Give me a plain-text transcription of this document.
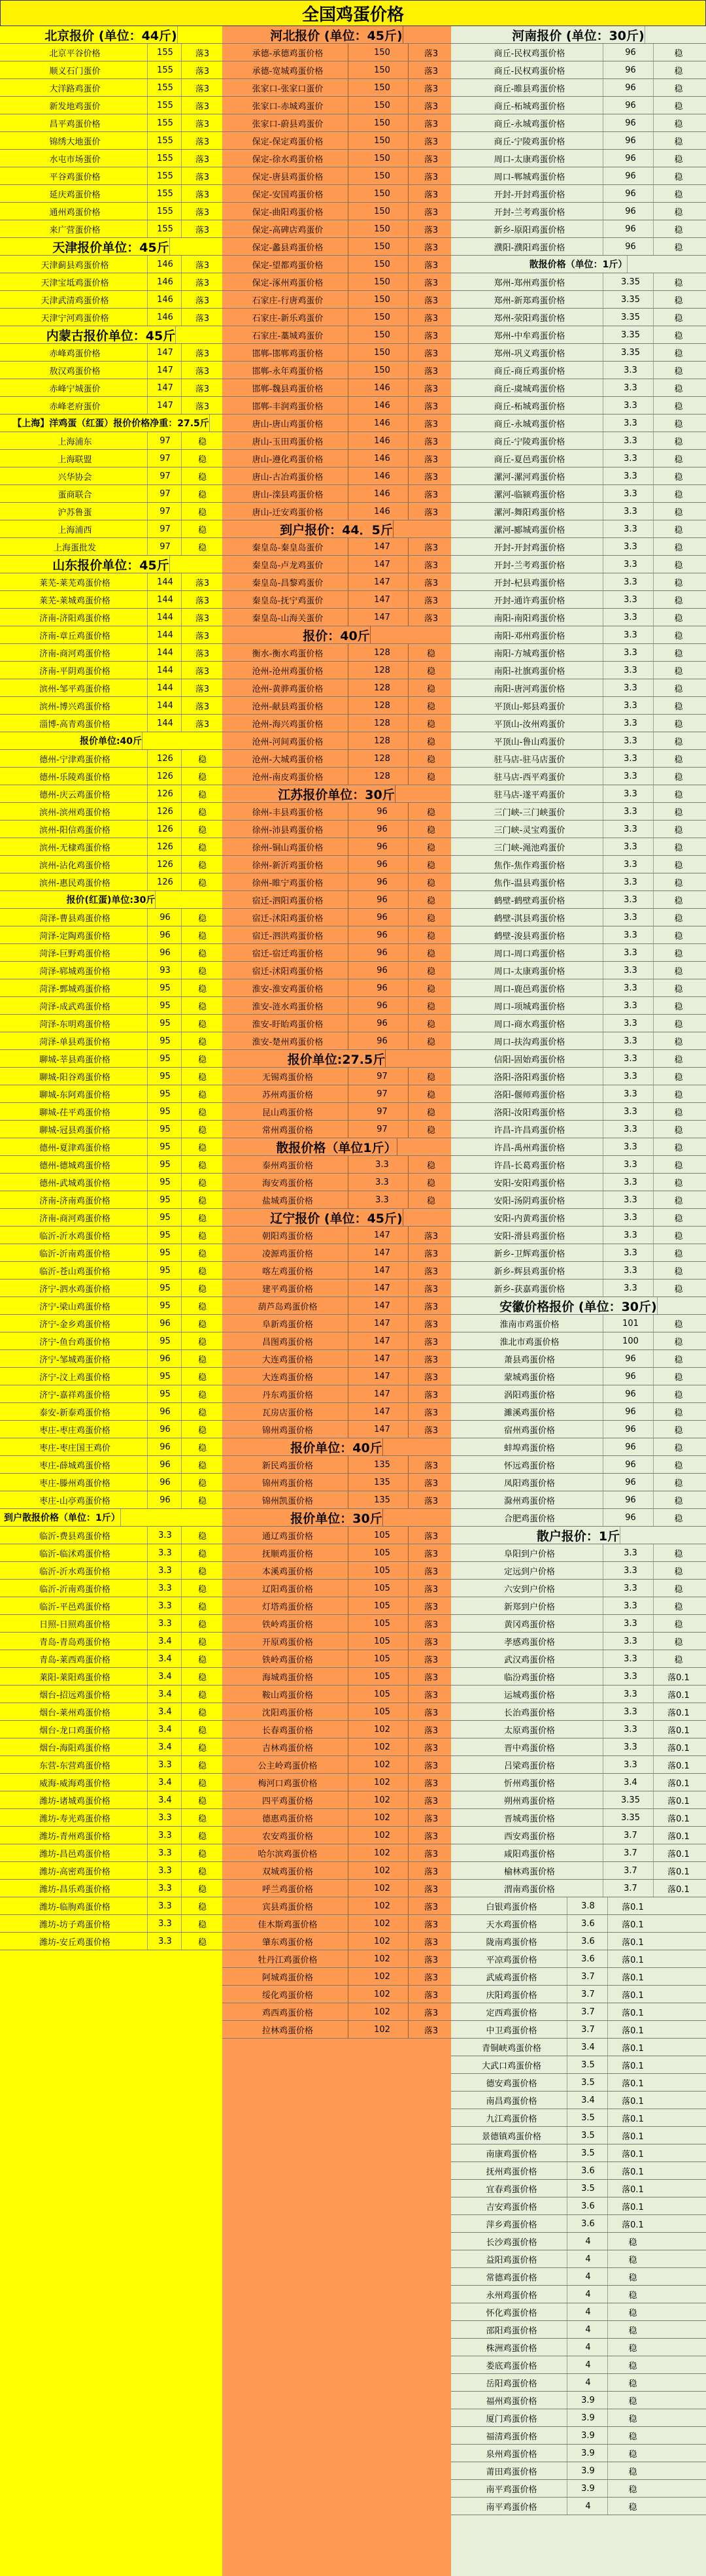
全国鸡蛋价格
北京报价 (单位：44斤)
北京平谷价格	155	落3
顺义石门蛋价	155	落3
大洋路鸡蛋价	155	落3
新发地鸡蛋价	155	落3
昌平鸡蛋价格	155	落3
锦绣大地蛋价	155	落3
水屯市场蛋价	155	落3
平谷鸡蛋价格	155	落3
延庆鸡蛋价格	155	落3
通州鸡蛋价格	155	落3
来广营蛋价格	155	落3
天津报价单位：45斤
天津蓟县鸡蛋价格	146	落3
天津宝坻鸡蛋价格	146	落3
天津武清鸡蛋价格	146	落3
天津宁河鸡蛋价格	146	落3
内蒙古报价单位：45斤
赤峰鸡蛋价格	147	落3
敖汉鸡蛋价格	147	落3
赤峰宁城蛋价	147	落3
赤峰老府蛋价	147	落3
【上海】洋鸡蛋（红蛋）报价价格净重：27.5斤
上海浦东	97	稳
上海联盟	97	稳
兴华协会	97	稳
蛋商联合	97	稳
沪苏鲁蛋	97	稳
上海浦西	97	稳
上海蛋批发	97	稳
山东报价单位：45斤
莱芜-莱芜鸡蛋价格	144	落3
莱芜-莱城鸡蛋价格	144	落3
济南-济阳鸡蛋价格	144	落3
济南-章丘鸡蛋价格	144	落3
济南-商河鸡蛋价格	144	落3
济南-平阴鸡蛋价格	144	落3
滨州-邹平鸡蛋价格	144	落3
滨州-博兴鸡蛋价格	144	落3
淄博-高青鸡蛋价格	144	落3
报价单位:40斤
德州-宁津鸡蛋价格	126	稳
德州-乐陵鸡蛋价格	126	稳
德州-庆云鸡蛋价格	126	稳
滨州-滨州鸡蛋价格	126	稳
滨州-阳信鸡蛋价格	126	稳
滨州-无棣鸡蛋价格	126	稳
滨州-沾化鸡蛋价格	126	稳
滨州-惠民鸡蛋价格	126	稳
报价(红蛋)单位:30斤
菏泽-曹县鸡蛋价格	96	稳
菏泽-定陶鸡蛋价格	96	稳
菏泽-巨野鸡蛋价格	96	稳
菏泽-郓城鸡蛋价格	93	稳
菏泽-鄄城鸡蛋价格	95	稳
菏泽-成武鸡蛋价格	95	稳
菏泽-东明鸡蛋价格	95	稳
菏泽-单县鸡蛋价格	95	稳
聊城-莘县鸡蛋价格	95	稳
聊城-阳谷鸡蛋价格	95	稳
聊城-东阿鸡蛋价格	95	稳
聊城-茌平鸡蛋价格	95	稳
聊城-冠县鸡蛋价格	95	稳
德州-夏津鸡蛋价格	95	稳
德州-德城鸡蛋价格	95	稳
德州-武城鸡蛋价格	95	稳
济南-济南鸡蛋价格	95	稳
济南-商河鸡蛋价格	95	稳
临沂-沂水鸡蛋价格	95	稳
临沂-沂南鸡蛋价格	95	稳
临沂-苍山鸡蛋价格	95	稳
济宁-泗水鸡蛋价格	95	稳
济宁-梁山鸡蛋价格	95	稳
济宁-金乡鸡蛋价格	96	稳
济宁-鱼台鸡蛋价格	95	稳
济宁-邹城鸡蛋价格	96	稳
济宁-汶上鸡蛋价格	95	稳
济宁-嘉祥鸡蛋价格	95	稳
泰安-新泰鸡蛋价格	96	稳
枣庄-枣庄鸡蛋价格	96	稳
枣庄-枣庄国王鸡价	96	稳
枣庄-薛城鸡蛋价格	96	稳
枣庄-滕州鸡蛋价格	96	稳
枣庄-山亭鸡蛋价格	96	稳
到户散报价格（单位：1斤）
临沂-费县鸡蛋价格	3.3	稳
临沂-临沭鸡蛋价格	3.3	稳
临沂-沂水鸡蛋价格	3.3	稳
临沂-沂南鸡蛋价格	3.3	稳
临沂-平邑鸡蛋价格	3.3	稳
日照-日照鸡蛋价格	3.3	稳
青岛-青岛鸡蛋价格	3.4	稳
青岛-莱西鸡蛋价格	3.4	稳
莱阳-莱阳鸡蛋价格	3.4	稳
烟台-招远鸡蛋价格	3.4	稳
烟台-莱州鸡蛋价格	3.4	稳
烟台-龙口鸡蛋价格	3.4	稳
烟台-海阳鸡蛋价格	3.4	稳
东营-东营鸡蛋价格	3.3	稳
威海-威海鸡蛋价格	3.4	稳
潍坊-诸城鸡蛋价格	3.4	稳
潍坊-寿光鸡蛋价格	3.3	稳
潍坊-青州鸡蛋价格	3.3	稳
潍坊-昌邑鸡蛋价格	3.3	稳
潍坊-高密鸡蛋价格	3.3	稳
潍坊-昌乐鸡蛋价格	3.3	稳
潍坊-临朐鸡蛋价格	3.3	稳
潍坊-坊子鸡蛋价格	3.3	稳
潍坊-安丘鸡蛋价格	3.3	稳
河北报价 (单位：45斤)
承德-承德鸡蛋价格	150	落3
承德-宽城鸡蛋价格	150	落3
张家口-张家口蛋价	150	落3
张家口-赤城鸡蛋价	150	落3
张家口-蔚县鸡蛋价	150	落3
保定-保定鸡蛋价格	150	落3
保定-徐水鸡蛋价格	150	落3
保定-唐县鸡蛋价格	150	落3
保定-安国鸡蛋价格	150	落3
保定-曲阳鸡蛋价格	150	落3
保定-高碑店鸡蛋价	150	落3
保定-蠡县鸡蛋价格	150	落3
保定-望都鸡蛋价格	150	落3
保定-涿州鸡蛋价格	150	落3
石家庄-行唐鸡蛋价	150	落3
石家庄-新乐鸡蛋价	150	落3
石家庄-藁城鸡蛋价	150	落3
邯郸-邯郸鸡蛋价格	150	落3
邯郸-永年鸡蛋价格	150	落3
邯郸-魏县鸡蛋价格	146	落3
邯郸-丰润鸡蛋价格	146	落3
唐山-唐山鸡蛋价格	146	落3
唐山-玉田鸡蛋价格	146	落3
唐山-遵化鸡蛋价格	146	落3
唐山-古冶鸡蛋价格	146	落3
唐山-滦县鸡蛋价格	146	落3
唐山-迁安鸡蛋价格	146	落3
到户报价：44．5斤
秦皇岛-秦皇岛蛋价	147	落3
秦皇岛-卢龙鸡蛋价	147	落3
秦皇岛-昌黎鸡蛋价	147	落3
秦皇岛-抚宁鸡蛋价	147	落3
秦皇岛-山海关蛋价	147	落3
报价：40斤
衡水-衡水鸡蛋价格	128	稳
沧州-沧州鸡蛋价格	128	稳
沧州-黄骅鸡蛋价格	128	稳
沧州-献县鸡蛋价格	128	稳
沧州-海兴鸡蛋价格	128	稳
沧州-河间鸡蛋价格	128	稳
沧州-大城鸡蛋价格	128	稳
沧州-南皮鸡蛋价格	128	稳
江苏报价单位：30斤
徐州-丰县鸡蛋价格	96	稳
徐州-沛县鸡蛋价格	96	稳
徐州-铜山鸡蛋价格	96	稳
徐州-新沂鸡蛋价格	96	稳
徐州-睢宁鸡蛋价格	96	稳
宿迁-泗阳鸡蛋价格	96	稳
宿迁-沭阳鸡蛋价格	96	稳
宿迁-泗洪鸡蛋价格	96	稳
宿迁-宿迁鸡蛋价格	96	稳
宿迁-沭阳鸡蛋价格	96	稳
淮安-淮安鸡蛋价格	96	稳
淮安-涟水鸡蛋价格	96	稳
淮安-盱眙鸡蛋价格	96	稳
淮安-楚州鸡蛋价格	96	稳
报价单位:27.5斤
无锡鸡蛋价格	97	稳
苏州鸡蛋价格	97	稳
昆山鸡蛋价格	97	稳
常州鸡蛋价格	97	稳
散报价格（单位1斤）
泰州鸡蛋价格	3.3	稳
海安鸡蛋价格	3.3	稳
盐城鸡蛋价格	3.3	稳
辽宁报价 (单位：45斤)
朝阳鸡蛋价格	147	落3
凌源鸡蛋价格	147	落3
喀左鸡蛋价格	147	落3
建平鸡蛋价格	147	落3
葫芦岛鸡蛋价格	147	落3
阜新鸡蛋价格	147	落3
昌图鸡蛋价格	147	落3
大连鸡蛋价格	147	落3
大连鸡蛋价格	147	落3
丹东鸡蛋价格	147	落3
瓦房店蛋价格	147	落3
锦州鸡蛋价格	147	落3
报价单位：40斤
新民鸡蛋价格	135	落3
锦州鸡蛋价格	135	落3
锦州凯蛋价格	135	落3
报价单位：30斤
通辽鸡蛋价格	105	落3
抚顺鸡蛋价格	105	落3
本溪鸡蛋价格	105	落3
辽阳鸡蛋价格	105	落3
灯塔鸡蛋价格	105	落3
铁岭鸡蛋价格	105	落3
开原鸡蛋价格	105	落3
铁岭鸡蛋价格	105	落3
海城鸡蛋价格	105	落3
鞍山鸡蛋价格	105	落3
沈阳鸡蛋价格	105	落3
长春鸡蛋价格	102	落3
吉林鸡蛋价格	102	落3
公主岭鸡蛋价格	102	落3
梅河口鸡蛋价格	102	落3
四平鸡蛋价格	102	落3
德惠鸡蛋价格	102	落3
农安鸡蛋价格	102	落3
哈尔滨鸡蛋价格	102	落3
双城鸡蛋价格	102	落3
呼兰鸡蛋价格	102	落3
宾县鸡蛋价格	102	落3
佳木斯鸡蛋价格	102	落3
肇东鸡蛋价格	102	落3
牡丹江鸡蛋价格	102	落3
阿城鸡蛋价格	102	落3
绥化鸡蛋价格	102	落3
鸡西鸡蛋价格	102	落3
拉林鸡蛋价格	102	落3
河南报价 (单位：30斤)
商丘-民权鸡蛋价格	96	稳
商丘-民权鸡蛋价格	96	稳
商丘-睢县鸡蛋价格	96	稳
商丘-柘城鸡蛋价格	96	稳
商丘-永城鸡蛋价格	96	稳
商丘-宁陵鸡蛋价格	96	稳
周口-太康鸡蛋价格	96	稳
周口-郸城鸡蛋价格	96	稳
开封-开封鸡蛋价格	96	稳
开封-兰考鸡蛋价格	96	稳
新乡-原阳鸡蛋价格	96	稳
濮阳-濮阳鸡蛋价格	96	稳
散报价格（单位：1斤）
郑州-郑州鸡蛋价格	3.35	稳
郑州-新郑鸡蛋价格	3.35	稳
郑州-荥阳鸡蛋价格	3.35	稳
郑州-中牟鸡蛋价格	3.35	稳
郑州-巩义鸡蛋价格	3.35	稳
商丘-商丘鸡蛋价格	3.3	稳
商丘-虞城鸡蛋价格	3.3	稳
商丘-柘城鸡蛋价格	3.3	稳
商丘-永城鸡蛋价格	3.3	稳
商丘-宁陵鸡蛋价格	3.3	稳
商丘-夏邑鸡蛋价格	3.3	稳
漯河-漯河鸡蛋价格	3.3	稳
漯河-临颍鸡蛋价格	3.3	稳
漯河-舞阳鸡蛋价格	3.3	稳
漯河-郾城鸡蛋价格	3.3	稳
开封-开封鸡蛋价格	3.3	稳
开封-兰考鸡蛋价格	3.3	稳
开封-杞县鸡蛋价格	3.3	稳
开封-通许鸡蛋价格	3.3	稳
南阳-南阳鸡蛋价格	3.3	稳
南阳-邓州鸡蛋价格	3.3	稳
南阳-方城鸡蛋价格	3.3	稳
南阳-社旗鸡蛋价格	3.3	稳
南阳-唐河鸡蛋价格	3.3	稳
平顶山-郏县鸡蛋价	3.3	稳
平顶山-汝州鸡蛋价	3.3	稳
平顶山-鲁山鸡蛋价	3.3	稳
驻马店-驻马店蛋价	3.3	稳
驻马店-西平鸡蛋价	3.3	稳
驻马店-遂平鸡蛋价	3.3	稳
三门峡-三门峡蛋价	3.3	稳
三门峡-灵宝鸡蛋价	3.3	稳
三门峡-渑池鸡蛋价	3.3	稳
焦作-焦作鸡蛋价格	3.3	稳
焦作-温县鸡蛋价格	3.3	稳
鹤壁-鹤壁鸡蛋价格	3.3	稳
鹤壁-淇县鸡蛋价格	3.3	稳
鹤壁-浚县鸡蛋价格	3.3	稳
周口-周口鸡蛋价格	3.3	稳
周口-太康鸡蛋价格	3.3	稳
周口-鹿邑鸡蛋价格	3.3	稳
周口-项城鸡蛋价格	3.3	稳
周口-商水鸡蛋价格	3.3	稳
周口-扶沟鸡蛋价格	3.3	稳
信阳-固始鸡蛋价格	3.3	稳
洛阳-洛阳鸡蛋价格	3.3	稳
洛阳-偃师鸡蛋价格	3.3	稳
洛阳-汝阳鸡蛋价格	3.3	稳
许昌-许昌鸡蛋价格	3.3	稳
许昌-禹州鸡蛋价格	3.3	稳
许昌-长葛鸡蛋价格	3.3	稳
安阳-安阳鸡蛋价格	3.3	稳
安阳-汤阴鸡蛋价格	3.3	稳
安阳-内黄鸡蛋价格	3.3	稳
安阳-滑县鸡蛋价格	3.3	稳
新乡-卫辉鸡蛋价格	3.3	稳
新乡-辉县鸡蛋价格	3.3	稳
新乡-获嘉鸡蛋价格	3.3	稳
安徽价格报价 (单位：30斤)
淮南市鸡蛋价格	101	稳
淮北市鸡蛋价格	100	稳
萧县鸡蛋价格	96	稳
蒙城鸡蛋价格	96	稳
涡阳鸡蛋价格	96	稳
濉溪鸡蛋价格	96	稳
宿州鸡蛋价格	96	稳
蚌埠鸡蛋价格	96	稳
怀远鸡蛋价格	96	稳
凤阳鸡蛋价格	96	稳
滁州鸡蛋价格	96	稳
合肥鸡蛋价格	96	稳
散户报价：1斤
阜阳到户价格	3.3	稳
定远到户价格	3.3	稳
六安到户价格	3.3	稳
新郑到户价格	3.3	稳
黄冈鸡蛋价格	3.3	稳
孝感鸡蛋价格	3.3	稳
武汉鸡蛋价格	3.3	稳
临汾鸡蛋价格	3.3	落0.1
运城鸡蛋价格	3.3	落0.1
长治鸡蛋价格	3.3	落0.1
太原鸡蛋价格	3.3	落0.1
晋中鸡蛋价格	3.3	落0.1
吕梁鸡蛋价格	3.3	落0.1
忻州鸡蛋价格	3.4	落0.1
朔州鸡蛋价格	3.35	落0.1
晋城鸡蛋价格	3.35	落0.1
西安鸡蛋价格	3.7	落0.1
咸阳鸡蛋价格	3.7	落0.1
榆林鸡蛋价格	3.7	落0.1
渭南鸡蛋价格	3.7	落0.1
白银鸡蛋价格	3.8	落0.1
天水鸡蛋价格	3.6	落0.1
陇南鸡蛋价格	3.6	落0.1
平凉鸡蛋价格	3.6	落0.1
武威鸡蛋价格	3.7	落0.1
庆阳鸡蛋价格	3.7	落0.1
定西鸡蛋价格	3.7	落0.1
中卫鸡蛋价格	3.7	落0.1
青铜峡鸡蛋价格	3.4	落0.1
大武口鸡蛋价格	3.5	落0.1
德安鸡蛋价格	3.5	落0.1
南昌鸡蛋价格	3.4	落0.1
九江鸡蛋价格	3.5	落0.1
景德镇鸡蛋价格	3.5	落0.1
南康鸡蛋价格	3.5	落0.1
抚州鸡蛋价格	3.6	落0.1
宜春鸡蛋价格	3.5	落0.1
吉安鸡蛋价格	3.6	落0.1
萍乡鸡蛋价格	3.6	落0.1
长沙鸡蛋价格	4	稳
益阳鸡蛋价格	4	稳
常德鸡蛋价格	4	稳
永州鸡蛋价格	4	稳
怀化鸡蛋价格	4	稳
邵阳鸡蛋价格	4	稳
株洲鸡蛋价格	4	稳
娄底鸡蛋价格	4	稳
岳阳鸡蛋价格	4	稳
福州鸡蛋价格	3.9	稳
厦门鸡蛋价格	3.9	稳
福清鸡蛋价格	3.9	稳
泉州鸡蛋价格	3.9	稳
莆田鸡蛋价格	3.9	稳
南平鸡蛋价格	3.9	稳
南平鸡蛋价格	4	稳
